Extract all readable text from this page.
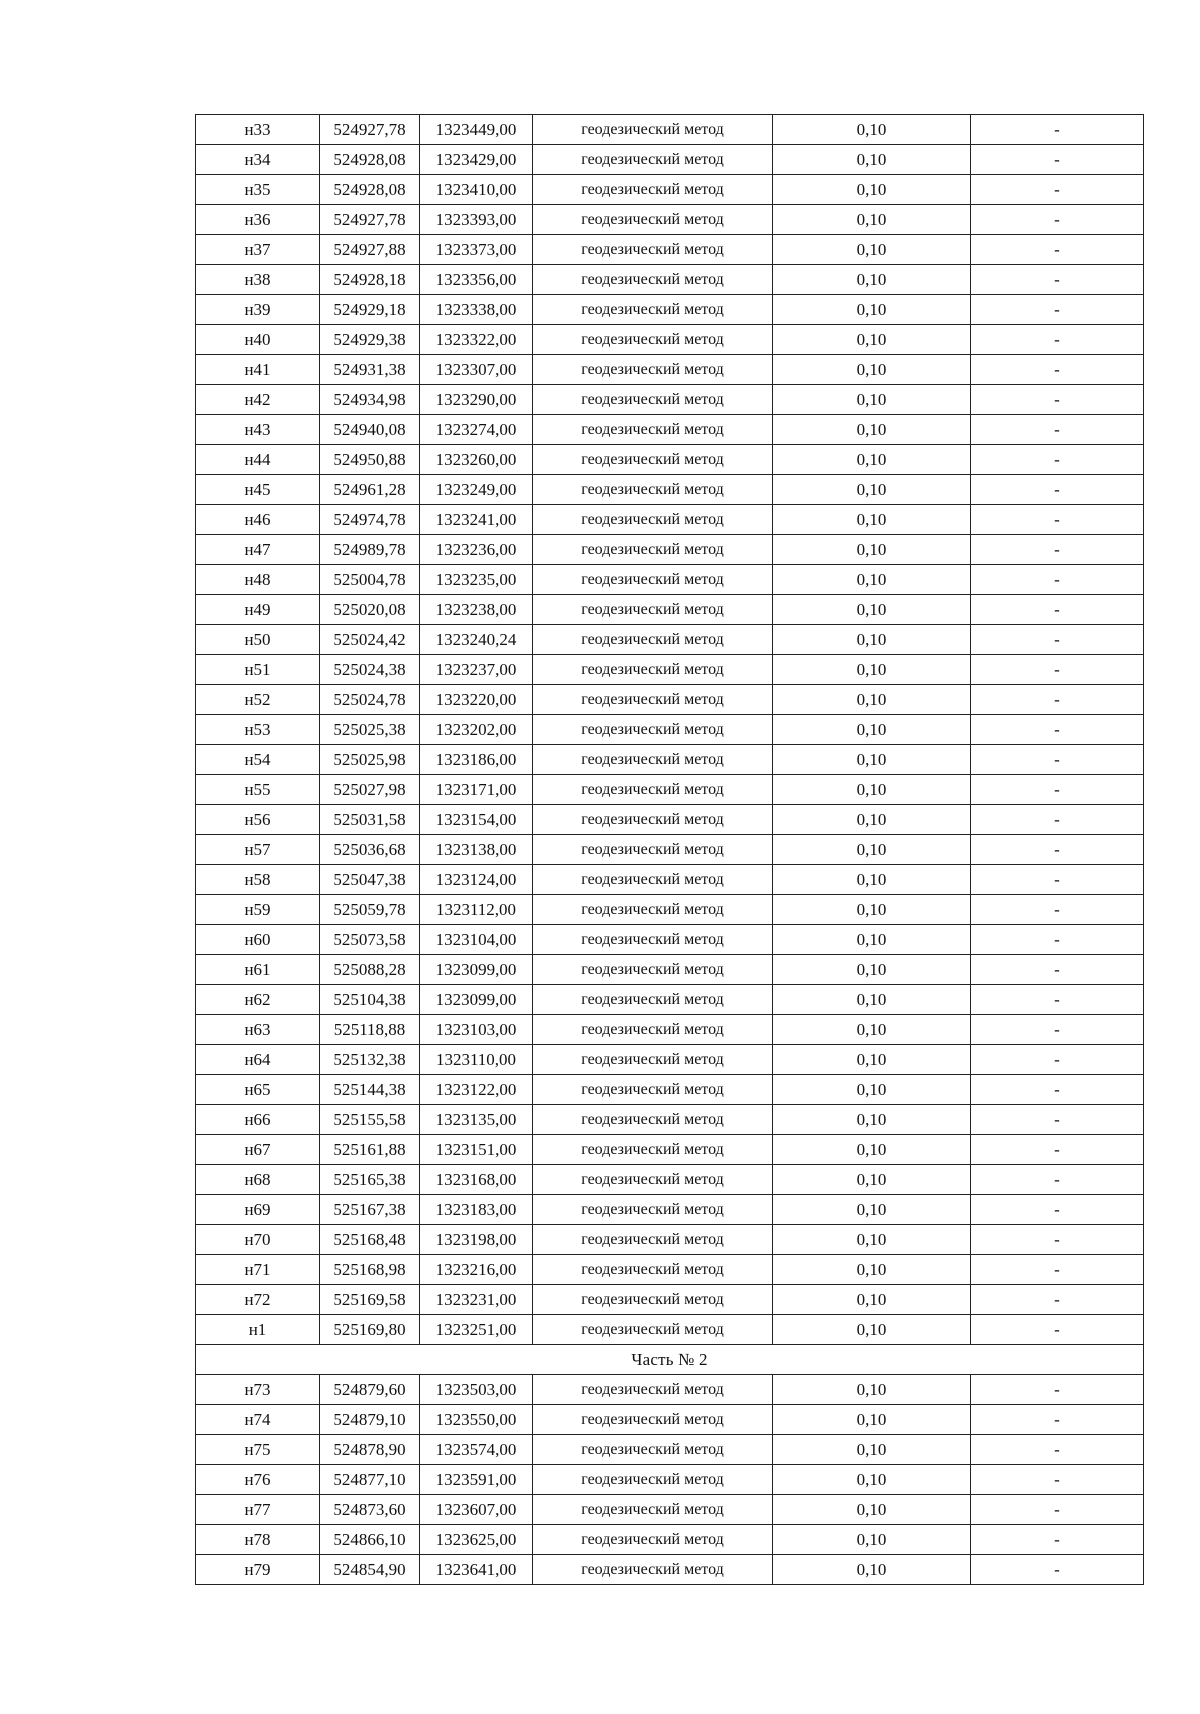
н33	524927,78	1323449,00	геодезический метод	0,10	-
н34	524928,08	1323429,00	геодезический метод	0,10	-
н35	524928,08	1323410,00	геодезический метод	0,10	-
н36	524927,78	1323393,00	геодезический метод	0,10	-
н37	524927,88	1323373,00	геодезический метод	0,10	-
н38	524928,18	1323356,00	геодезический метод	0,10	-
н39	524929,18	1323338,00	геодезический метод	0,10	-
н40	524929,38	1323322,00	геодезический метод	0,10	-
н41	524931,38	1323307,00	геодезический метод	0,10	-
н42	524934,98	1323290,00	геодезический метод	0,10	-
н43	524940,08	1323274,00	геодезический метод	0,10	-
н44	524950,88	1323260,00	геодезический метод	0,10	-
н45	524961,28	1323249,00	геодезический метод	0,10	-
н46	524974,78	1323241,00	геодезический метод	0,10	-
н47	524989,78	1323236,00	геодезический метод	0,10	-
н48	525004,78	1323235,00	геодезический метод	0,10	-
н49	525020,08	1323238,00	геодезический метод	0,10	-
н50	525024,42	1323240,24	геодезический метод	0,10	-
н51	525024,38	1323237,00	геодезический метод	0,10	-
н52	525024,78	1323220,00	геодезический метод	0,10	-
н53	525025,38	1323202,00	геодезический метод	0,10	-
н54	525025,98	1323186,00	геодезический метод	0,10	-
н55	525027,98	1323171,00	геодезический метод	0,10	-
н56	525031,58	1323154,00	геодезический метод	0,10	-
н57	525036,68	1323138,00	геодезический метод	0,10	-
н58	525047,38	1323124,00	геодезический метод	0,10	-
н59	525059,78	1323112,00	геодезический метод	0,10	-
н60	525073,58	1323104,00	геодезический метод	0,10	-
н61	525088,28	1323099,00	геодезический метод	0,10	-
н62	525104,38	1323099,00	геодезический метод	0,10	-
н63	525118,88	1323103,00	геодезический метод	0,10	-
н64	525132,38	1323110,00	геодезический метод	0,10	-
н65	525144,38	1323122,00	геодезический метод	0,10	-
н66	525155,58	1323135,00	геодезический метод	0,10	-
н67	525161,88	1323151,00	геодезический метод	0,10	-
н68	525165,38	1323168,00	геодезический метод	0,10	-
н69	525167,38	1323183,00	геодезический метод	0,10	-
н70	525168,48	1323198,00	геодезический метод	0,10	-
н71	525168,98	1323216,00	геодезический метод	0,10	-
н72	525169,58	1323231,00	геодезический метод	0,10	-
н1	525169,80	1323251,00	геодезический метод	0,10	-
Часть № 2					
н73	524879,60	1323503,00	геодезический метод	0,10	-
н74	524879,10	1323550,00	геодезический метод	0,10	-
н75	524878,90	1323574,00	геодезический метод	0,10	-
н76	524877,10	1323591,00	геодезический метод	0,10	-
н77	524873,60	1323607,00	геодезический метод	0,10	-
н78	524866,10	1323625,00	геодезический метод	0,10	-
н79	524854,90	1323641,00	геодезический метод	0,10	-
